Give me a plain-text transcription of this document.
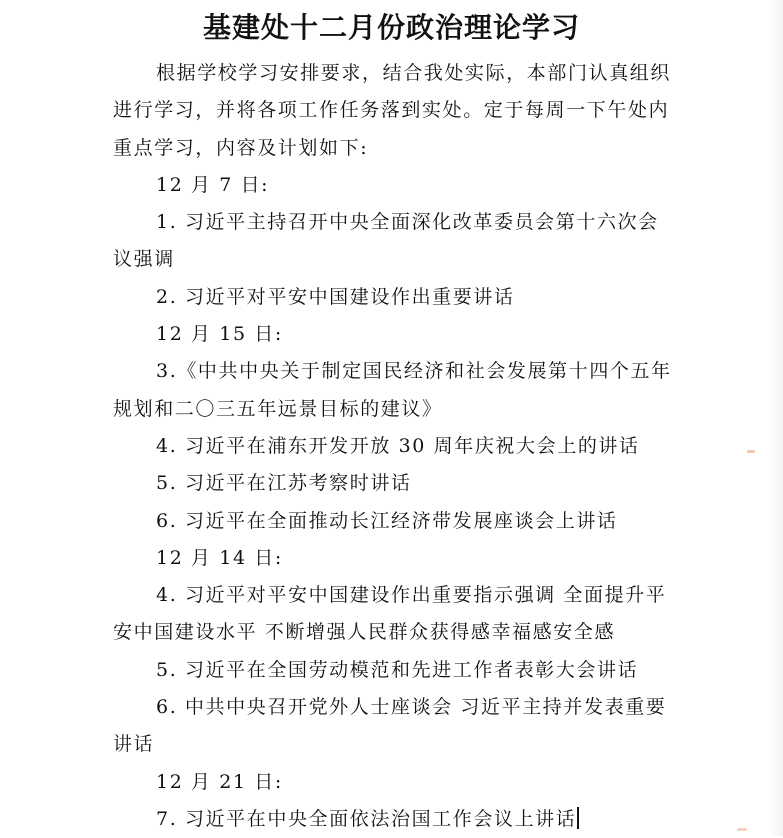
基建处十二月份政治理论学习

根据学校学习安排要求，结合我处实际，本部门认真组织进行学习，并将各项工作任务落到实处。定于每周一下午处内重点学习，内容及计划如下:

12 月 7 日:

1. 习近平主持召开中央全面深化改革委员会第十六次会议强调

2. 习近平对平安中国建设作出重要讲话

12 月 15 日:

3.《中共中央关于制定国民经济和社会发展第十四个五年规划和二〇三五年远景目标的建议》

4. 习近平在浦东开发开放 30 周年庆祝大会上的讲话

5. 习近平在江苏考察时讲话

6. 习近平在全面推动长江经济带发展座谈会上讲话

12 月 14 日:

4. 习近平对平安中国建设作出重要指示强调 全面提升平安中国建设水平 不断增强人民群众获得感幸福感安全感

5. 习近平在全国劳动模范和先进工作者表彰大会讲话

6. 中共中央召开党外人士座谈会 习近平主持并发表重要讲话

12 月 21 日:

7. 习近平在中央全面依法治国工作会议上讲话
